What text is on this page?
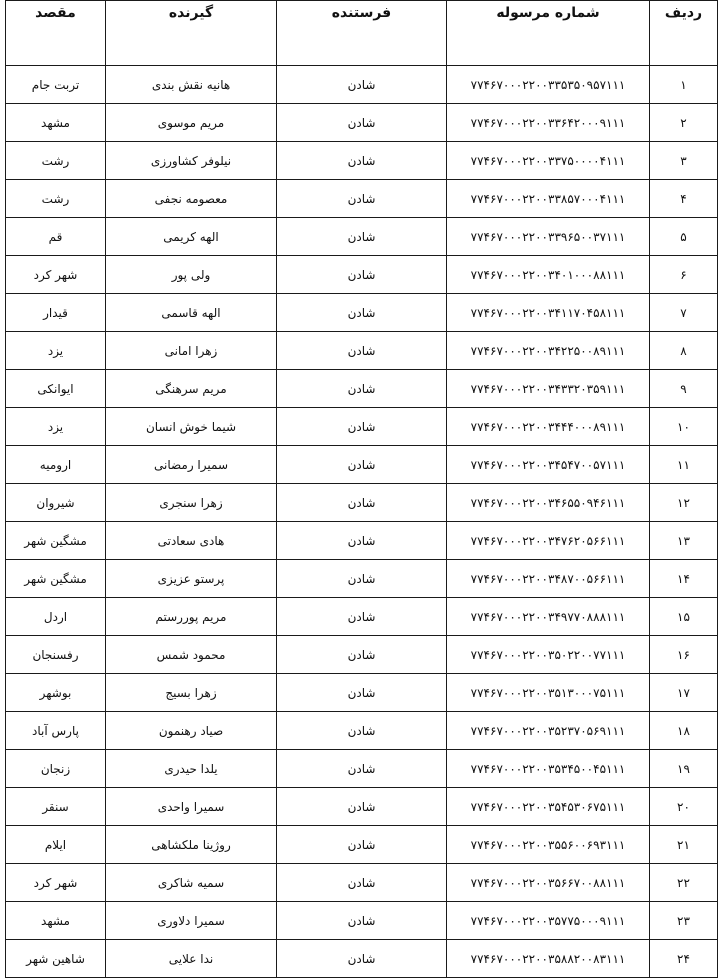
ردیف	شماره مرسوله	فرستنده	گیرنده	مقصد
۱	۷۷۴۶۷۰۰۰۲۲۰۰۳۳۵۳۵۰۹۵۷۱۱۱	شادن	هانیه نقش بندی	تربت جام
۲	۷۷۴۶۷۰۰۰۲۲۰۰۳۳۶۴۲۰۰۰۹۱۱۱	شادن	مریم موسوی	مشهد
۳	۷۷۴۶۷۰۰۰۲۲۰۰۳۳۷۵۰۰۰۰۴۱۱۱	شادن	نیلوفر کشاورزی	رشت
۴	۷۷۴۶۷۰۰۰۲۲۰۰۳۳۸۵۷۰۰۰۴۱۱۱	شادن	معصومه نجفی	رشت
۵	۷۷۴۶۷۰۰۰۲۲۰۰۳۳۹۶۵۰۰۳۷۱۱۱	شادن	الهه کریمی	قم
۶	۷۷۴۶۷۰۰۰۲۲۰۰۳۴۰۱۰۰۰۸۸۱۱۱	شادن	ولی پور	شهر کرد
۷	۷۷۴۶۷۰۰۰۲۲۰۰۳۴۱۱۷۰۴۵۸۱۱۱	شادن	الهه قاسمی	قیدار
۸	۷۷۴۶۷۰۰۰۲۲۰۰۳۴۲۲۵۰۰۸۹۱۱۱	شادن	زهرا امانی	یزد
۹	۷۷۴۶۷۰۰۰۲۲۰۰۳۴۳۳۲۰۳۵۹۱۱۱	شادن	مریم سرهنگی	ایوانکی
۱۰	۷۷۴۶۷۰۰۰۲۲۰۰۳۴۴۴۰۰۰۸۹۱۱۱	شادن	شیما خوش انسان	یزد
۱۱	۷۷۴۶۷۰۰۰۲۲۰۰۳۴۵۴۷۰۰۵۷۱۱۱	شادن	سمیرا رمضانی	ارومیه
۱۲	۷۷۴۶۷۰۰۰۲۲۰۰۳۴۶۵۵۰۹۴۶۱۱۱	شادن	زهرا سنجری	شیروان
۱۳	۷۷۴۶۷۰۰۰۲۲۰۰۳۴۷۶۲۰۵۶۶۱۱۱	شادن	هادی سعادتی	مشگین شهر
۱۴	۷۷۴۶۷۰۰۰۲۲۰۰۳۴۸۷۰۰۵۶۶۱۱۱	شادن	پرستو عزیزی	مشگین شهر
۱۵	۷۷۴۶۷۰۰۰۲۲۰۰۳۴۹۷۷۰۸۸۸۱۱۱	شادن	مریم پوررستم	اردل
۱۶	۷۷۴۶۷۰۰۰۲۲۰۰۳۵۰۲۲۰۰۷۷۱۱۱	شادن	محمود شمس	رفسنجان
۱۷	۷۷۴۶۷۰۰۰۲۲۰۰۳۵۱۳۰۰۰۷۵۱۱۱	شادن	زهرا بسیج	بوشهر
۱۸	۷۷۴۶۷۰۰۰۲۲۰۰۳۵۲۳۷۰۵۶۹۱۱۱	شادن	صیاد رهنمون	پارس آباد
۱۹	۷۷۴۶۷۰۰۰۲۲۰۰۳۵۳۴۵۰۰۴۵۱۱۱	شادن	یلدا حیدری	زنجان
۲۰	۷۷۴۶۷۰۰۰۲۲۰۰۳۵۴۵۳۰۶۷۵۱۱۱	شادن	سمیرا واحدی	سنقر
۲۱	۷۷۴۶۷۰۰۰۲۲۰۰۳۵۵۶۰۰۶۹۳۱۱۱	شادن	روژینا ملکشاهی	ایلام
۲۲	۷۷۴۶۷۰۰۰۲۲۰۰۳۵۶۶۷۰۰۸۸۱۱۱	شادن	سمیه شاکری	شهر کرد
۲۳	۷۷۴۶۷۰۰۰۲۲۰۰۳۵۷۷۵۰۰۰۹۱۱۱	شادن	سمیرا دلاوری	مشهد
۲۴	۷۷۴۶۷۰۰۰۲۲۰۰۳۵۸۸۲۰۰۸۳۱۱۱	شادن	ندا علایی	شاهین شهر
